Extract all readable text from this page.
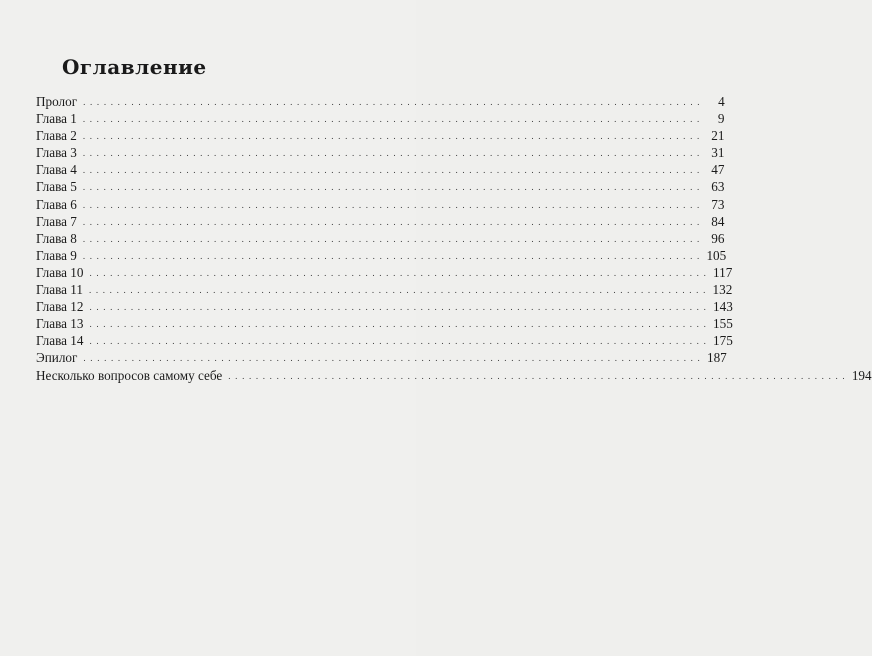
Оглавление
Пролог . . . . . . . . . . . . . . . . . . . . . . . . . . . . . . . . . . . . . . . . . . . . . . . . . . . . . . . . . . . . . . . . . . . . . . . . . . . . . . . . . . . . . . . . . .	4
Глава 1 . . . . . . . . . . . . . . . . . . . . . . . . . . . . . . . . . . . . . . . . . . . . . . . . . . . . . . . . . . . . . . . . . . . . . . . . . . . . . . . . . . . . . . . . . .	9
Глава 2 . . . . . . . . . . . . . . . . . . . . . . . . . . . . . . . . . . . . . . . . . . . . . . . . . . . . . . . . . . . . . . . . . . . . . . . . . . . . . . . . . . . . . . . . . . 21
Глава 3 . . . . . . . . . . . . . . . . . . . . . . . . . . . . . . . . . . . . . . . . . . . . . . . . . . . . . . . . . . . . . . . . . . . . . . . . . . . . . . . . . . . . . . . . . . 31
Глава 4 . . . . . . . . . . . . . . . . . . . . . . . . . . . . . . . . . . . . . . . . . . . . . . . . . . . . . . . . . . . . . . . . . . . . . . . . . . . . . . . . . . . . . . . . . . 47
Глава 5 . . . . . . . . . . . . . . . . . . . . . . . . . . . . . . . . . . . . . . . . . . . . . . . . . . . . . . . . . . . . . . . . . . . . . . . . . . . . . . . . . . . . . . . . . . 63
Глава 6 . . . . . . . . . . . . . . . . . . . . . . . . . . . . . . . . . . . . . . . . . . . . . . . . . . . . . . . . . . . . . . . . . . . . . . . . . . . . . . . . . . . . . . . . . . 73
Глава 7 . . . . . . . . . . . . . . . . . . . . . . . . . . . . . . . . . . . . . . . . . . . . . . . . . . . . . . . . . . . . . . . . . . . . . . . . . . . . . . . . . . . . . . . . . . 84
Глава 8 . . . . . . . . . . . . . . . . . . . . . . . . . . . . . . . . . . . . . . . . . . . . . . . . . . . . . . . . . . . . . . . . . . . . . . . . . . . . . . . . . . . . . . . . . . 96
Глава 9 . . . . . . . . . . . . . . . . . . . . . . . . . . . . . . . . . . . . . . . . . . . . . . . . . . . . . . . . . . . . . . . . . . . . . . . . . . . . . . . . . . . . . . . . . . 105
Глава 10 . . . . . . . . . . . . . . . . . . . . . . . . . . . . . . . . . . . . . . . . . . . . . . . . . . . . . . . . . . . . . . . . . . . . . . . . . . . . . . . . . . . . . . . . . . 117
Глава 11 . . . . . . . . . . . . . . . . . . . . . . . . . . . . . . . . . . . . . . . . . . . . . . . . . . . . . . . . . . . . . . . . . . . . . . . . . . . . . . . . . . . . . . . . . . 132
Глава 12 . . . . . . . . . . . . . . . . . . . . . . . . . . . . . . . . . . . . . . . . . . . . . . . . . . . . . . . . . . . . . . . . . . . . . . . . . . . . . . . . . . . . . . . . . . 143
Глава 13 . . . . . . . . . . . . . . . . . . . . . . . . . . . . . . . . . . . . . . . . . . . . . . . . . . . . . . . . . . . . . . . . . . . . . . . . . . . . . . . . . . . . . . . . . . 155
Глава 14 . . . . . . . . . . . . . . . . . . . . . . . . . . . . . . . . . . . . . . . . . . . . . . . . . . . . . . . . . . . . . . . . . . . . . . . . . . . . . . . . . . . . . . . . . . 175
Эпилог . . . . . . . . . . . . . . . . . . . . . . . . . . . . . . . . . . . . . . . . . . . . . . . . . . . . . . . . . . . . . . . . . . . . . . . . . . . . . . . . . . . . . . . . . . 187
Несколько вопросов самому себе . . . . . . . . . . . . . . . . . . . . . . . . . . . . . . . . . . . . . . . . . . . . . . . . . . . . . . . . . . . . . . . . . . . . . . . . . . . . . . . . . . . . . . . . . . 194
